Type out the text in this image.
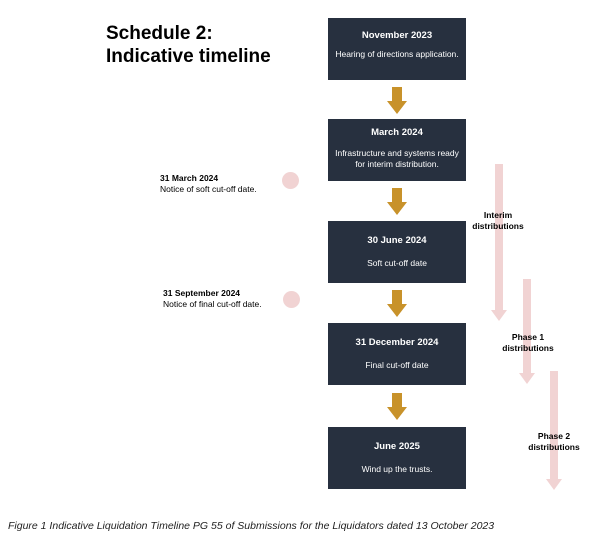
Schedule 2:
Indicative timeline
November 2023
Hearing of directions application.
March 2024
Infrastructure and systems ready for interim distribution.
30 June 2024
Soft cut-off date
31 December 2024
Final cut-off date
June 2025
Wind up the trusts.
31 March 2024
Notice of soft cut-off date.
31 September 2024
Notice of final cut-off date.
Interim
distributions
Phase 1
distributions
Phase 2
distributions

Figure 1 Indicative Liquidation Timeline PG 55 of Submissions for the Liquidators dated 13 October 2023
